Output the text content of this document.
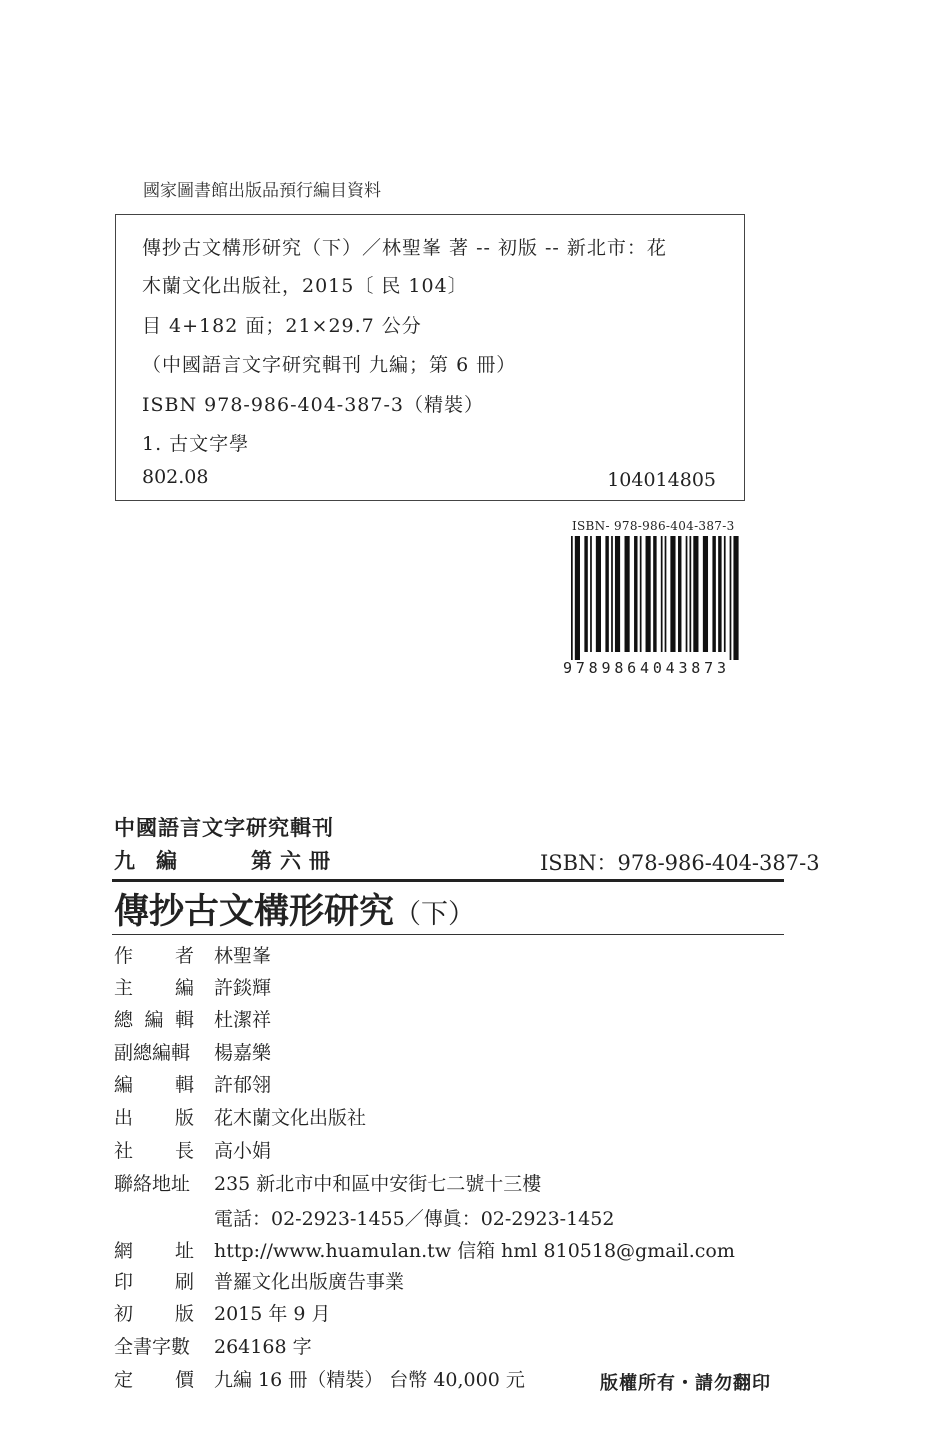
國家圖書館出版品預行編目資料
傳抄古文構形研究（下）／林聖峯 著 -- 初版 -- 新北市：花
木蘭文化出版社，2015〔 民 104〕
目 4+182 面；21×29.7 公分
（中國語言文字研究輯刊 九編；第 6 冊）
ISBN 978-986-404-387-3（精裝）
1. 古文字學
802.08	104014805
ISBN- 978-986-404-387-3
9789864043873
中國語言文字研究輯刊
九　編	第六冊	ISBN：978-986-404-387-3
傳抄古文構形研究（下）
作 者 林聖峯
主 編 許錟輝
總 編 輯 杜潔祥
副總編輯 楊嘉樂
編 輯 許郁翎
出 版 花木蘭文化出版社
社 長 高小娟
聯絡地址 235 新北市中和區中安街七二號十三樓
電話：02-2923-1455／傳眞：02-2923-1452
網 址 http://www.huamulan.tw 信箱 hml 810518@gmail.com
印 刷 普羅文化出版廣告事業
初 版 2015 年 9 月
全書字數 264168 字
定 價 九編 16 冊（精裝） 台幣 40,000 元	版權所有・請勿翻印
